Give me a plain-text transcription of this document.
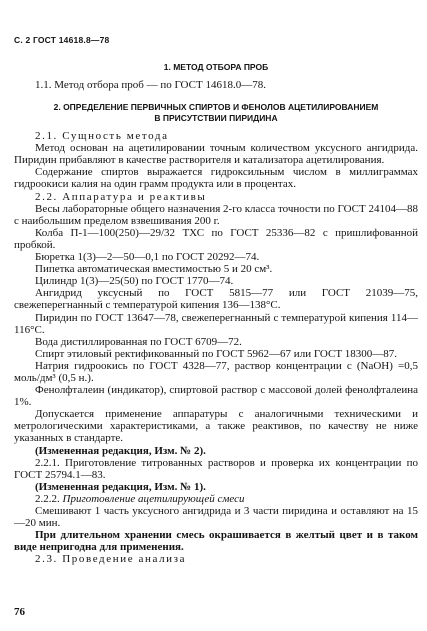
С. 2 ГОСТ 14618.8—78
1. МЕТОД ОТБОРА ПРОБ

1.1. Метод отбора проб — по ГОСТ 14618.0—78.

2. ОПРЕДЕЛЕНИЕ ПЕРВИЧНЫХ СПИРТОВ И ФЕНОЛОВ АЦЕТИЛИРОВАНИЕМ
В ПРИСУТСТВИИ ПИРИДИНА

2.1. Сущность метода

Метод основан на ацетилировании точным количеством уксусного ангидрида. Пиридин прибавляют в качестве растворителя и катализатора ацетилирования.

Содержание спиртов выражается гидроксильным числом в миллиграммах гидроокиси калия на один грамм продукта или в процентах.

2.2. Аппаратура и реактивы

Весы лабораторные общего назначения 2-го класса точности по ГОСТ 24104—88 с наибольшим пределом взвешивания 200 г.

Колба П-1—100(250)—29/32 ТХС по ГОСТ 25336—82 с пришлифованной пробкой.

Бюретка 1(3)—2—50—0,1 по ГОСТ 20292—74.

Пипетка автоматическая вместимостью 5 и 20 см³.

Цилиндр 1(3)—25(50) по ГОСТ 1770—74.

Ангидрид уксусный по ГОСТ 5815—77 или ГОСТ 21039—75, свежеперегнанный с температурой кипения 136—138°С.

Пиридин по ГОСТ 13647—78, свежеперегнанный с температурой кипения 114—116°С.

Вода дистиллированная по ГОСТ 6709—72.

Спирт этиловый ректификованный по ГОСТ 5962—67 или ГОСТ 18300—87.

Натрия гидроокись по ГОСТ 4328—77, раствор концентрации с (NaOH) =0,5 моль/дм³ (0,5 н.).

Фенолфталеин (индикатор), спиртовой раствор с массовой долей фенолфталеина 1%.

Допускается применение аппаратуры с аналогичными техническими и метрологическими характеристиками, а также реактивов, по качеству не ниже указанных в стандарте.

(Измененная редакция, Изм. № 2).

2.2.1. Приготовление титрованных растворов и проверка их концентрации по ГОСТ 25794.1—83.

(Измененная редакция, Изм. № 1).

2.2.2. Приготовление ацетилирующей смеси

Смешивают 1 часть уксусного ангидрида и 3 части пиридина и оставляют на 15—20 мин.

При длительном хранении смесь окрашивается в желтый цвет и в таком виде непригодна для применения.

2.3. Проведение анализа

76
